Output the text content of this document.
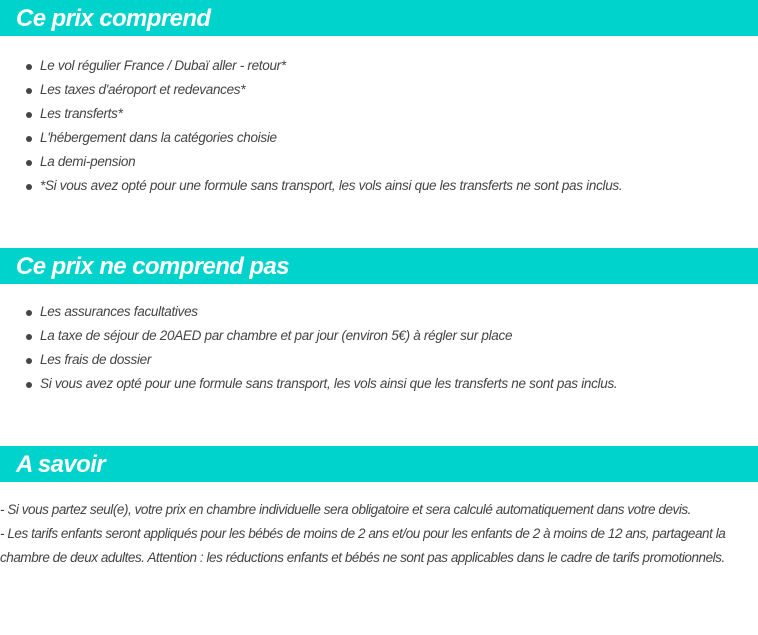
Ce prix comprend
Le vol régulier France / Dubaï aller - retour*
Les taxes d'aéroport et redevances*
Les transferts*
L'hébergement dans la catégories choisie
La demi-pension
*Si vous avez opté pour une formule sans transport, les vols ainsi que les transferts ne sont pas inclus.
Ce prix ne comprend pas
Les assurances facultatives
La taxe de séjour de 20AED par chambre et par jour (environ 5€) à régler sur place
Les frais de dossier
Si vous avez opté pour une formule sans transport, les vols ainsi que les transferts ne sont pas inclus.
A savoir

- Si vous partez seul(e), votre prix en chambre individuelle sera obligatoire et sera calculé automatiquement dans votre devis.

- Les tarifs enfants seront appliqués pour les bébés de moins de 2 ans et/ou pour les enfants de 2 à moins de 12 ans, partageant la chambre de deux adultes. Attention : les réductions enfants et bébés ne sont pas applicables dans le cadre de tarifs promotionnels.
